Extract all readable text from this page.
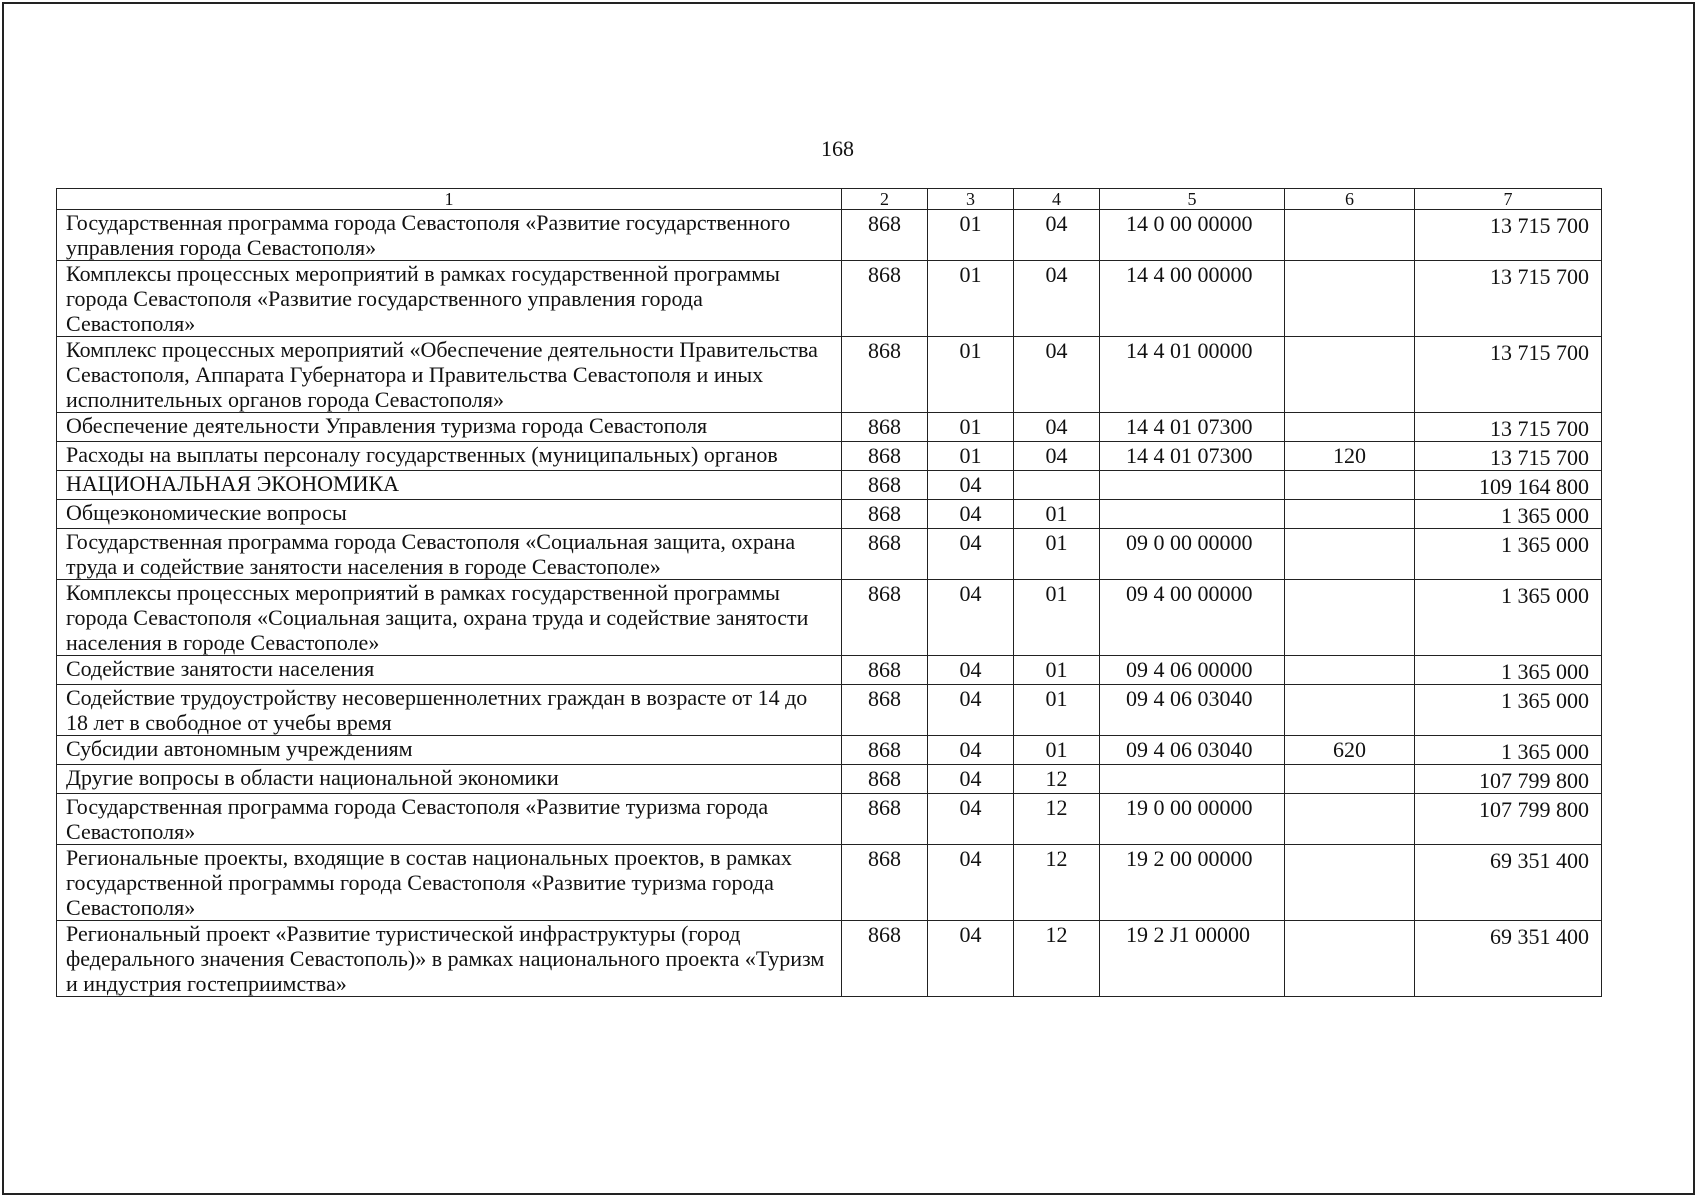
168
1	2	3	4	5	6	7
Государственная программа города Севастополя «Развитие государственного управления города Севастополя»	868	01	04	14 0 00 00000		13 715 700
Комплексы процессных мероприятий в рамках государственной программы города Севастополя «Развитие государственного управления города Севастополя»	868	01	04	14 4 00 00000		13 715 700
Комплекс процессных мероприятий «Обеспечение деятельности Правительства Севастополя, Аппарата Губернатора и Правительства Севастополя и иных исполнительных органов города Севастополя»	868	01	04	14 4 01 00000		13 715 700
Обеспечение деятельности Управления туризма города Севастополя	868	01	04	14 4 01 07300		13 715 700
Расходы на выплаты персоналу государственных (муниципальных) органов	868	01	04	14 4 01 07300	120	13 715 700
НАЦИОНАЛЬНАЯ ЭКОНОМИКА	868	04				109 164 800
Общеэкономические вопросы	868	04	01			1 365 000
Государственная программа города Севастополя «Социальная защита, охрана труда и содействие занятости населения в городе Севастополе»	868	04	01	09 0 00 00000		1 365 000
Комплексы процессных мероприятий в рамках государственной программы города Севастополя «Социальная защита, охрана труда и содействие занятости населения в городе Севастополе»	868	04	01	09 4 00 00000		1 365 000
Содействие занятости населения	868	04	01	09 4 06 00000		1 365 000
Содействие трудоустройству несовершеннолетних граждан в возрасте от 14 до 18 лет в свободное от учебы время	868	04	01	09 4 06 03040		1 365 000
Субсидии автономным учреждениям	868	04	01	09 4 06 03040	620	1 365 000
Другие вопросы в области национальной экономики	868	04	12			107 799 800
Государственная программа города Севастополя «Развитие туризма города Севастополя»	868	04	12	19 0 00 00000		107 799 800
Региональные проекты, входящие в состав национальных проектов, в рамках государственной программы города Севастополя «Развитие туризма города Севастополя»	868	04	12	19 2 00 00000		69 351 400
Региональный проект «Развитие туристической инфраструктуры (город федерального значения Севастополь)» в рамках национального проекта «Туризм и индустрия гостеприимства»	868	04	12	19 2 J1 00000		69 351 400
